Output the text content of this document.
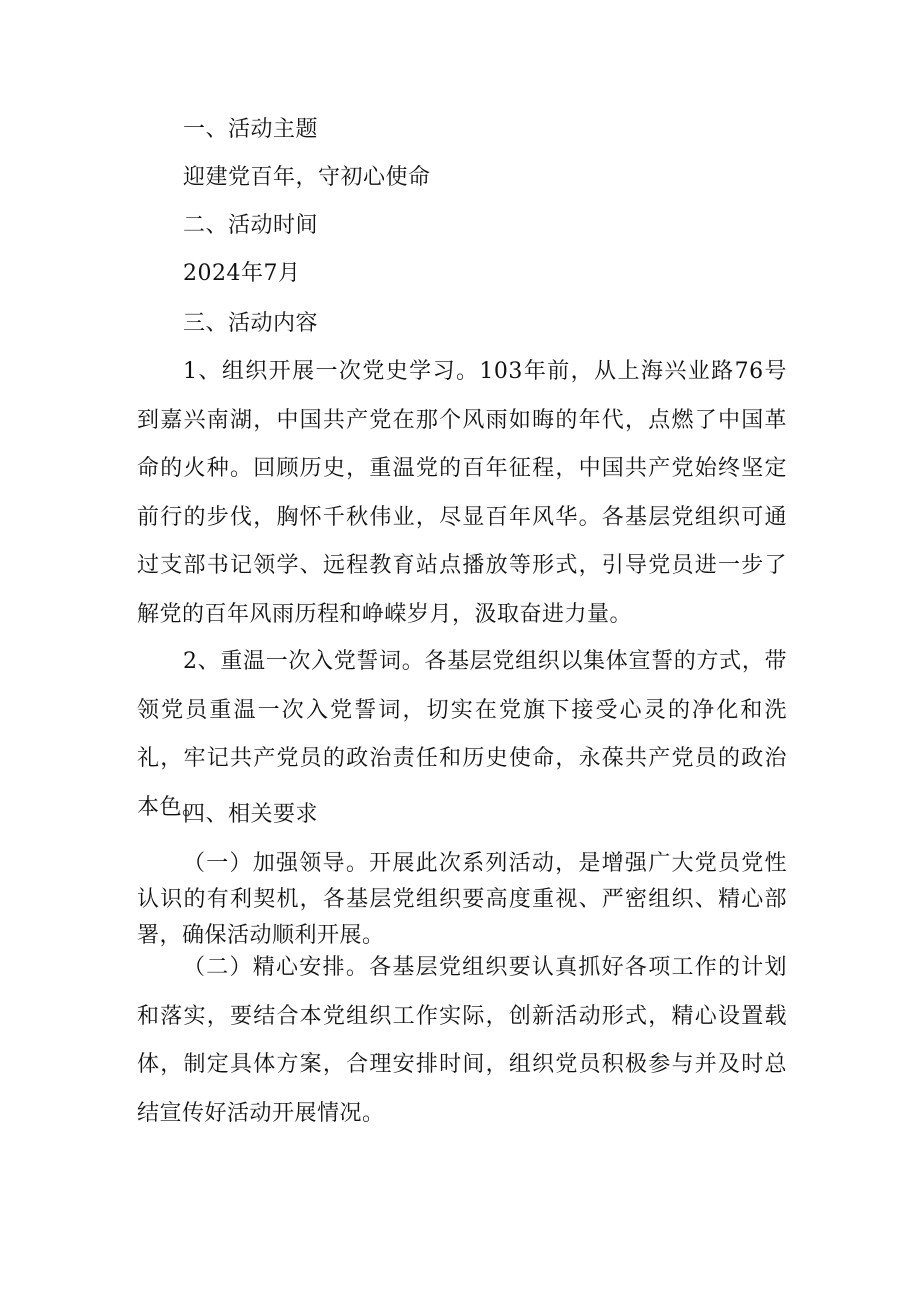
一、活动主题
迎建党百年，守初心使命
二、活动时间
2024年7月
三、活动内容
1、组织开展一次党史学习。103年前，从上海兴业路76号到嘉兴南湖，中国共产党在那个风雨如晦的年代，点燃了中国革命的火种。回顾历史，重温党的百年征程，中国共产党始终坚定前行的步伐，胸怀千秋伟业，尽显百年风华。各基层党组织可通过支部书记领学、远程教育站点播放等形式，引导党员进一步了解党的百年风雨历程和峥嵘岁月，汲取奋进力量。
2、重温一次入党誓词。各基层党组织以集体宣誓的方式，带领党员重温一次入党誓词，切实在党旗下接受心灵的净化和洗礼，牢记共产党员的政治责任和历史使命，永葆共产党员的政治本色。
四、相关要求
（一）加强领导。开展此次系列活动，是增强广大党员党性认识的有利契机，各基层党组织要高度重视、严密组织、精心部署，确保活动顺利开展。
（二）精心安排。各基层党组织要认真抓好各项工作的计划和落实，要结合本党组织工作实际，创新活动形式，精心设置载体，制定具体方案，合理安排时间，组织党员积极参与并及时总结宣传好活动开展情况。
